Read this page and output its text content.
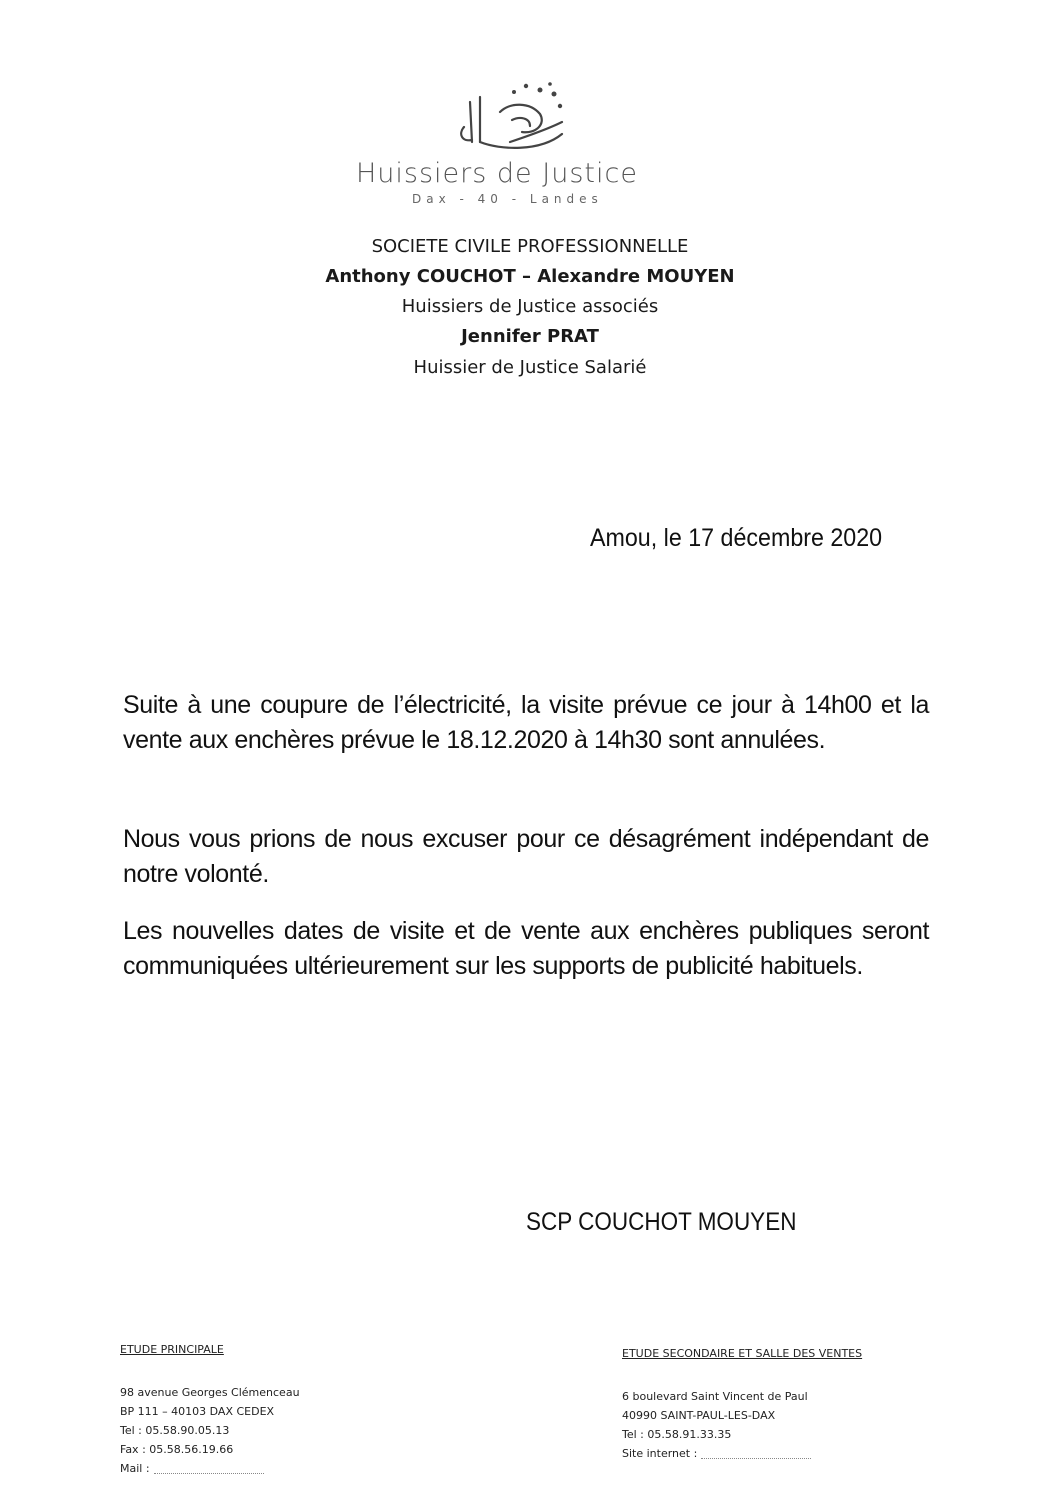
Huissiers de Justice
Dax - 40 - Landes
SOCIETE CIVILE PROFESSIONNELLE
Anthony COUCHOT – Alexandre MOUYEN
Huissiers de Justice associés
Jennifer PRAT
Huissier de Justice Salarié
Amou, le 17 décembre 2020
Suite à une coupure de l’électricité, la visite prévue ce jour à 14h00 et la vente aux enchères prévue le 18.12.2020 à 14h30 sont annulées.
Nous vous prions de nous excuser pour ce désagrément indépendant de notre volonté.
Les nouvelles dates de visite et de vente aux enchères publiques seront communiquées ultérieurement sur les supports de publicité habituels.
SCP COUCHOT MOUYEN
ETUDE PRINCIPALE
98 avenue Georges Clémenceau
BP 111 – 40103 DAX CEDEX
Tel : 05.58.90.05.13
Fax : 05.58.56.19.66
Mail :
ETUDE SECONDAIRE ET SALLE DES VENTES
6 boulevard Saint Vincent de Paul
40990 SAINT-PAUL-LES-DAX
Tel : 05.58.91.33.35
Site internet :
